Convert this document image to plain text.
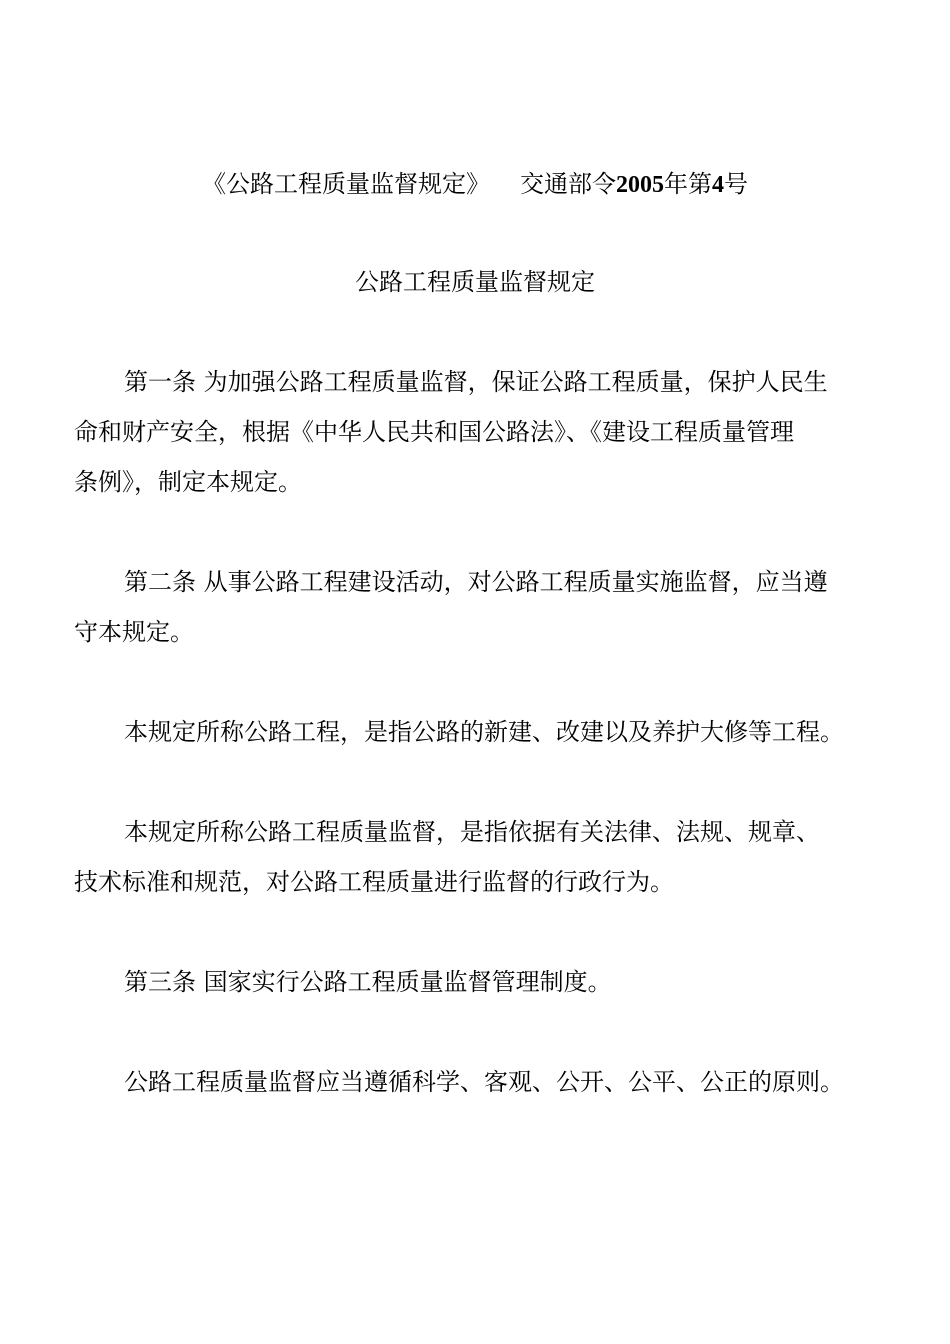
《公路工程质量监督规定》 交通部令2005年第4号

公路工程质量监督规定

第一条 为加强公路工程质量监督，保证公路工程质量，保护人民生

命和财产安全，根据《中华人民共和国公路法》、《建设工程质量管理

条例》，制定本规定。

第二条 从事公路工程建设活动，对公路工程质量实施监督，应当遵

守本规定。

本规定所称公路工程，是指公路的新建、改建以及养护大修等工程。

本规定所称公路工程质量监督，是指依据有关法律、法规、规章、

技术标准和规范，对公路工程质量进行监督的行政行为。

第三条 国家实行公路工程质量监督管理制度。

公路工程质量监督应当遵循科学、客观、公开、公平、公正的原则。
